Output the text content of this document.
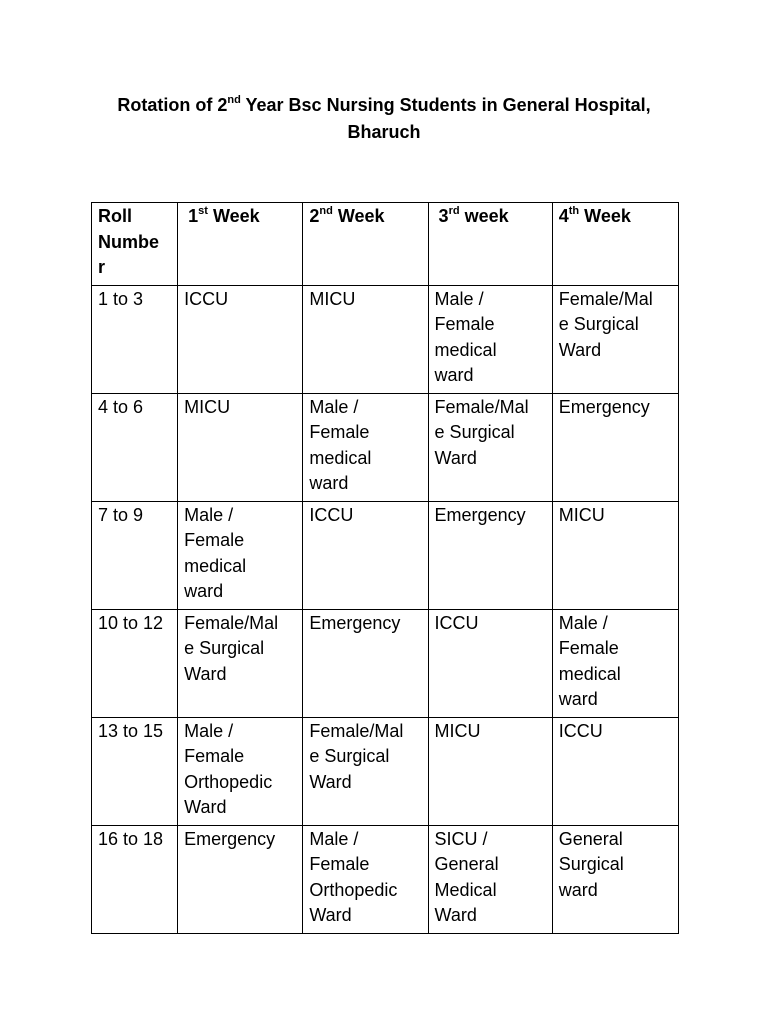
Rotation of 2nd Year Bsc Nursing Students in General Hospital,
Bharuch
Roll
Numbe
r	1st Week	2nd Week	3rd week	4th Week

1 to 3	ICCU	MICU	Male /
Female
medical
ward	Female/Mal
e Surgical
Ward

4 to 6	MICU	Male /
Female
medical
ward	Female/Mal
e Surgical
Ward	Emergency

7 to 9	Male /
Female
medical
ward	ICCU	Emergency	MICU

10 to 12	Female/Mal
e Surgical
Ward	Emergency	ICCU	Male /
Female
medical
ward

13 to 15	Male /
Female
Orthopedic
Ward	Female/Mal
e Surgical
Ward	MICU	ICCU

16 to 18	Emergency	Male /
Female
Orthopedic
Ward	SICU /
General
Medical
Ward	General
Surgical
ward
